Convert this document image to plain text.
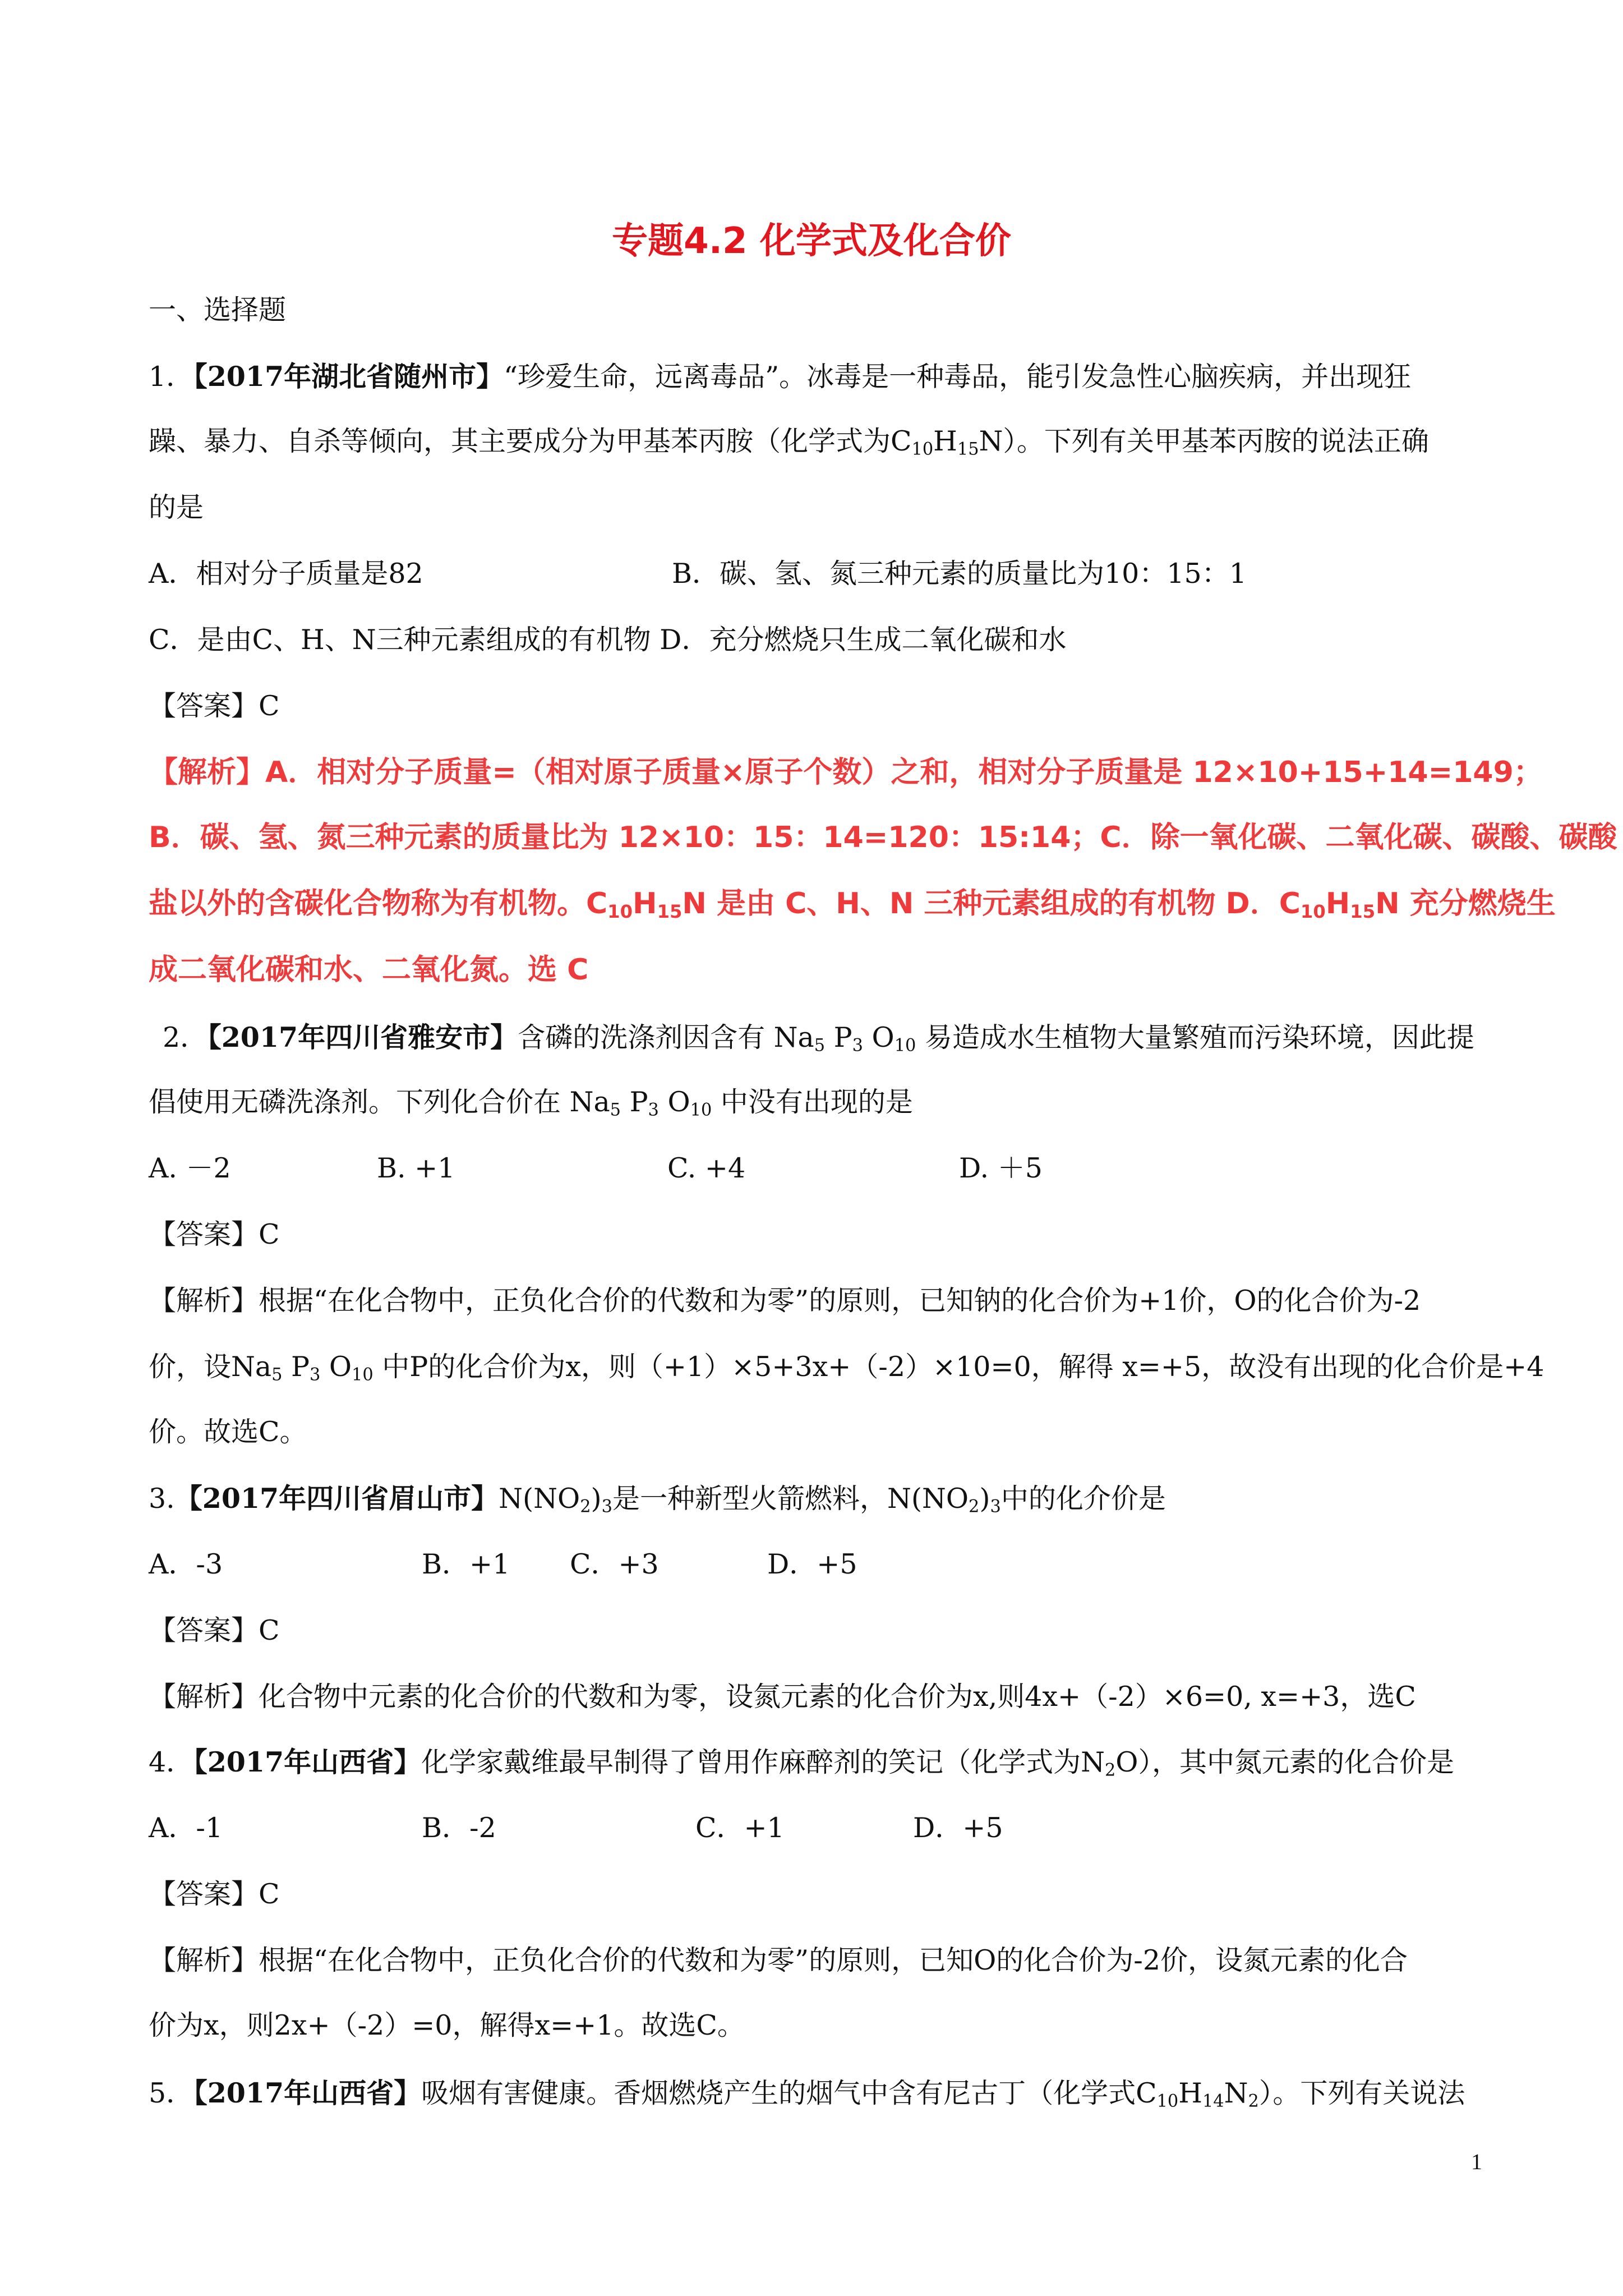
专题4.2 化学式及化合价
一、选择题
1．【2017年湖北省随州市】“珍爱生命，远离毒品”。冰毒是一种毒品，能引发急性心脑疾病，并出现狂
躁、暴力、自杀等倾向，其主要成分为甲基苯丙胺（化学式为$C_{10}H_{15}N$）。下列有关甲基苯丙胺的说法正确
的是
A．相对分子质量是82	B．碳、氢、氮三种元素的质量比为10：15：1
C．是由C、H、N三种元素组成的有机物 D．充分燃烧只生成二氧化碳和水
【答案】C
【解析】A．相对分子质量=（相对原子质量×原子个数）之和，相对分子质量是 12×10+15+14=149；
B．碳、氢、氮三种元素的质量比为 12×10：15：14=120：15:14；C．除一氧化碳、二氧化碳、碳酸、碳酸
盐以外的含碳化合物称为有机物。$C_{10}H_{15}N$ 是由 C、H、N 三种元素组成的有机物 D．$C_{10}H_{15}N$ 充分燃烧生
成二氧化碳和水、二氧化氮。选 C
2．【2017年四川省雅安市】含磷的洗涤剂因含有 $Na_5$ $P_3$ $O_{10}$ 易造成水生植物大量繁殖而污染环境，因此提
倡使用无磷洗涤剂。下列化合价在 $Na_5$ $P_3$ $O_{10}$ 中没有出现的是
A. －2	B. +1	C. +4	D. ＋5
【答案】C
【解析】根据“在化合物中，正负化合价的代数和为零”的原则，已知钠的化合价为+1价，O的化合价为-2
价，设$Na_5$ $P_3$ $O_{10}$ 中P的化合价为x，则（+1）×5+3x+（-2）×10=0，解得 x=+5，故没有出现的化合价是+4
价。故选C。
3.【2017年四川省眉山市】$N(NO_2)_3$是一种新型火箭燃料，$N(NO_2)_3$中的化介价是
A．-3	B．+1 C．+3	D．+5
【答案】C
【解析】化合物中元素的化合价的代数和为零，设氮元素的化合价为x,则4x+（-2）×6=0, x=+3，选C
4．【2017年山西省】化学家戴维最早制得了曾用作麻醉剂的笑记（化学式为$N_2O$），其中氮元素的化合价是
A．-1	B．-2	C．+1	D．+5
【答案】C
【解析】根据“在化合物中，正负化合价的代数和为零”的原则，已知O的化合价为-2价，设氮元素的化合
价为x，则2x+（-2）=0，解得x=+1。故选C。
5．【2017年山西省】吸烟有害健康。香烟燃烧产生的烟气中含有尼古丁（化学式$C_{10}H_{14}N_2$）。下列有关说法
1
